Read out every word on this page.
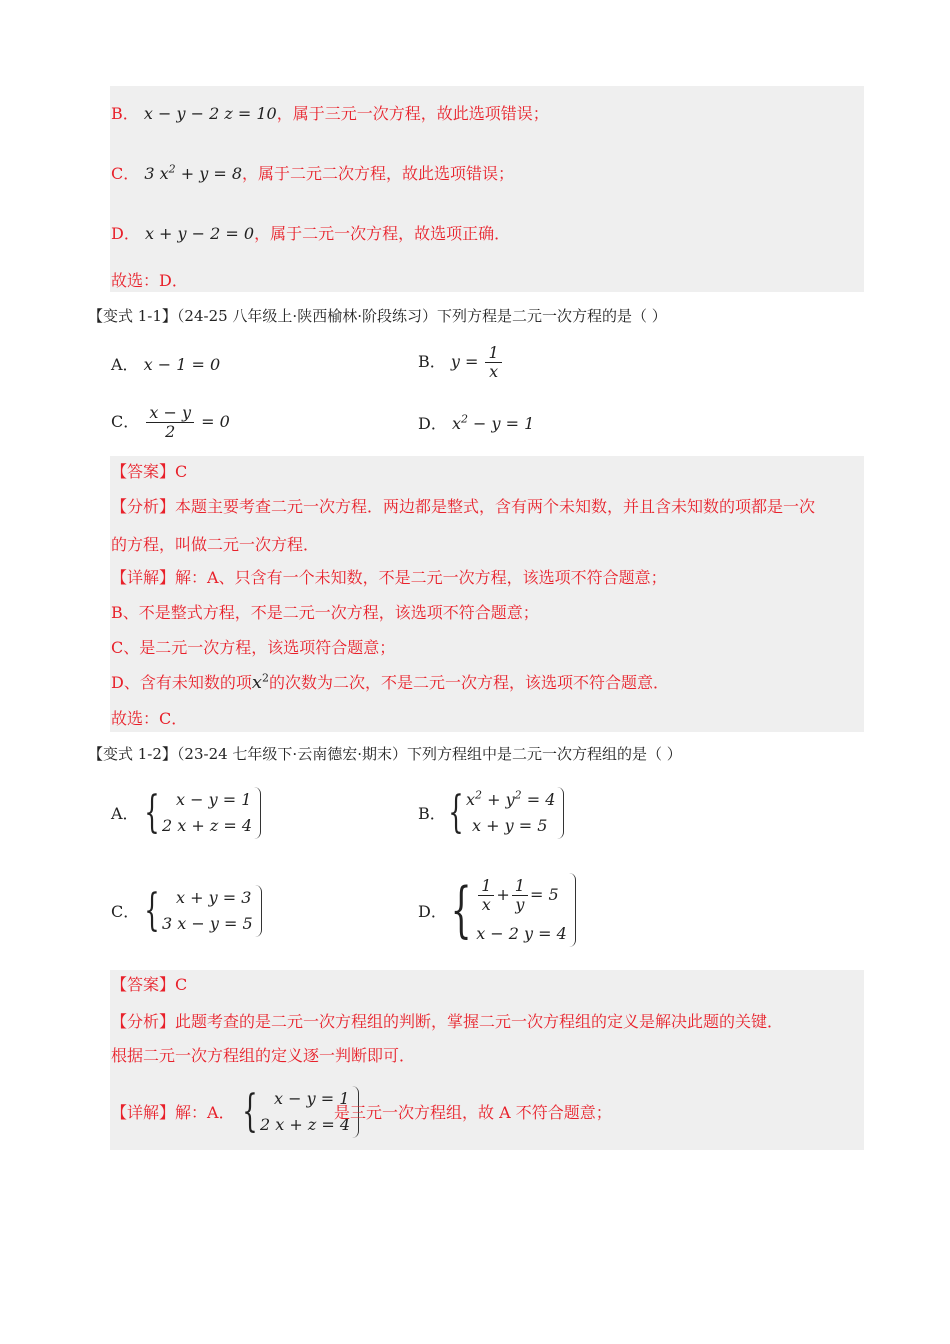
B． x − y − 2 z = 10，属于三元一次方程，故此选项错误；
C． 3 $x^2 + y = 8$，属于二元二次方程，故此选项错误；
D． x + y − 2 = 0，属于二元一次方程，故选项正确．
故选：D．
【变式 1-1】（24-25 八年级上·陕西榆林·阶段练习）下列方程是二元一次方程的是（ ）
A． x − 1 = 0	B． $y = \frac{1}{x}$
C． $\frac{x - y}{2} = 0$	D． $x^2 - y = 1$
【答案】C
【分析】本题主要考查二元一次方程．两边都是整式，含有两个未知数，并且含未知数的项都是一次
的方程，叫做二元一次方程．
【详解】解：A、只含有一个未知数，不是二元一次方程，该选项不符合题意；
B、不是整式方程，不是二元一次方程，该选项不符合题意；
C、是二元一次方程，该选项符合题意；
D、含有未知数的项$x^2$的次数为二次，不是二元一次方程，该选项不符合题意．
故选：C．
【变式 1-2】（23-24 七年级下·云南德宏·期末）下列方程组中是二元一次方程组的是（ ）
A． {	x − y = 1
2 x + z = 4
B． { $x^2 + y^2 = 4$
x + y = 5
C． {	x + y = 3
3 x − y = 5
D． { $\frac{1}{x} + \frac{1}{y} = 5$
x − 2 y = 4
【答案】C
【分析】此题考查的是二元一次方程组的判断，掌握二元一次方程组的定义是解决此题的关键．
根据二元一次方程组的定义逐一判断即可．
【详解】解：A． {	x − y = 1
2 x + z = 4
是三元一次方程组，故 A 不符合题意；
